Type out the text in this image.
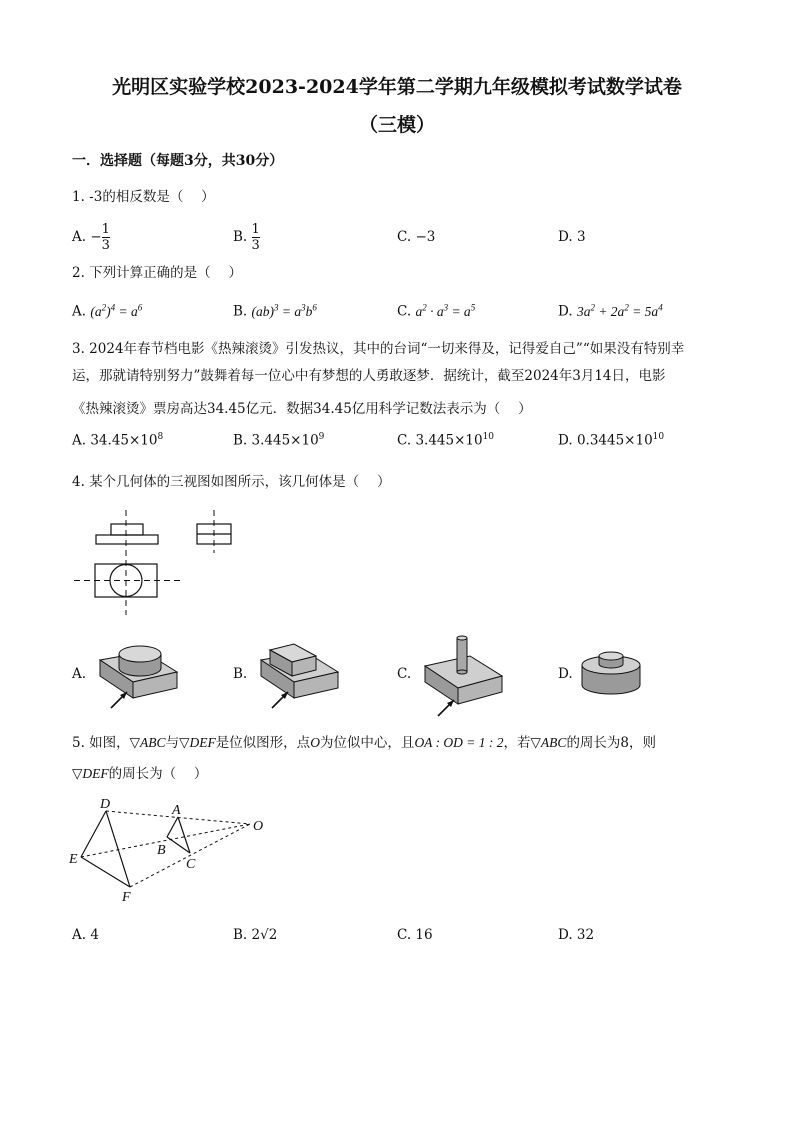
光明区实验学校2023-2024学年第二学期九年级模拟考试数学试卷
（三模）
一．选择题（每题3分，共30分）
1. -3的相反数是（　 ）
A. − $\frac{1}{3}$	B. $\frac{1}{3}$	C. −3	D. 3
2. 下列计算正确的是（　 ）
A. $(a^2)^4 = a^6$	B. $(ab)^3 = a^3b^6$	C. $a^2 \cdot a^3 = a^5$	D. $3a^2 + 2a^2 = 5a^4$
3. 2024年春节档电影《热辣滚烫》引发热议，其中的台词“一切来得及，记得爱自己”“如果没有特别幸
运，那就请特别努力”鼓舞着每一位心中有梦想的人勇敢逐梦．据统计，截至2024年3月14日，电影
《热辣滚烫》票房高达34.45亿元．数据34.45亿用科学记数法表示为（　 ）
A. $34.45\times 10^8$	B. $3.445\times 10^9$	C. $3.445\times 10^{10}$	D. $0.3445\times 10^{10}$
4. 某个几何体的三视图如图所示，该几何体是（　 ）
A.	B.	C.	D.
5. 如图，▽ABC与▽DEF是位似图形，点O为位似中心，且OA : OD = 1 : 2，若▽ABC的周长为8，则
▽DEF的周长为（　 ）
D	A
O
B
E	C
F
A. 4	B. 2√2	C. 16	D. 32
